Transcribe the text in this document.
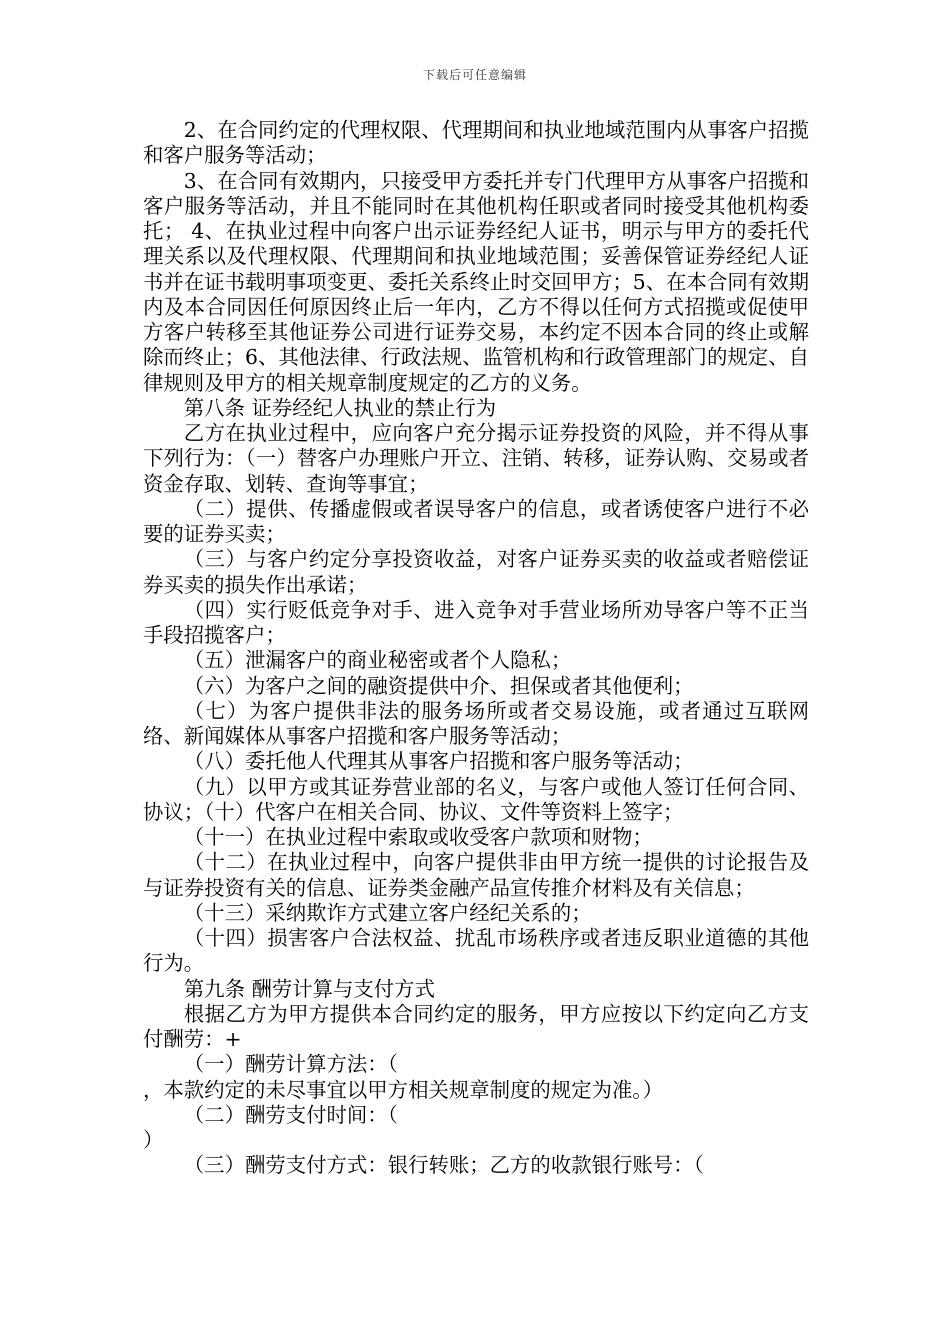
下载后可任意编辑

2、在合同约定的代理权限、代理期间和执业地域范围内从事客户招揽和客户服务等活动；

3、在合同有效期内，只接受甲方委托并专门代理甲方从事客户招揽和客户服务等活动，并且不能同时在其他机构任职或者同时接受其他机构委托； 4、在执业过程中向客户出示证券经纪人证书，明示与甲方的委托代理关系以及代理权限、代理期间和执业地域范围；妥善保管证券经纪人证书并在证书载明事项变更、委托关系终止时交回甲方；5、在本合同有效期内及本合同因任何原因终止后一年内，乙方不得以任何方式招揽或促使甲方客户转移至其他证券公司进行证券交易，本约定不因本合同的终止或解除而终止；6、其他法律、行政法规、监管机构和行政管理部门的规定、自律规则及甲方的相关规章制度规定的乙方的义务。

第八条 证券经纪人执业的禁止行为

乙方在执业过程中，应向客户充分揭示证券投资的风险，并不得从事下列行为：（一）替客户办理账户开立、注销、转移，证券认购、交易或者资金存取、划转、查询等事宜；

（二）提供、传播虚假或者误导客户的信息，或者诱使客户进行不必要的证券买卖；

（三）与客户约定分享投资收益，对客户证券买卖的收益或者赔偿证券买卖的损失作出承诺；

（四）实行贬低竞争对手、进入竞争对手营业场所劝导客户等不正当手段招揽客户；

（五）泄漏客户的商业秘密或者个人隐私；

（六）为客户之间的融资提供中介、担保或者其他便利；

（七）为客户提供非法的服务场所或者交易设施，或者通过互联网络、新闻媒体从事客户招揽和客户服务等活动；

（八）委托他人代理其从事客户招揽和客户服务等活动；

（九）以甲方或其证券营业部的名义，与客户或他人签订任何合同、协议；（十）代客户在相关合同、协议、文件等资料上签字；

（十一）在执业过程中索取或收受客户款项和财物；

（十二）在执业过程中，向客户提供非由甲方统一提供的讨论报告及与证券投资有关的信息、证券类金融产品宣传推介材料及有关信息；

（十三）采纳欺诈方式建立客户经纪关系的；

（十四）损害客户合法权益、扰乱市场秩序或者违反职业道德的其他行为。

第九条 酬劳计算与支付方式

根据乙方为甲方提供本合同约定的服务，甲方应按以下约定向乙方支付酬劳：+

（一）酬劳计算方法：（

，本款约定的未尽事宜以甲方相关规章制度的规定为准。）

（二）酬劳支付时间：（

）

（三）酬劳支付方式：银行转账；乙方的收款银行账号：（
